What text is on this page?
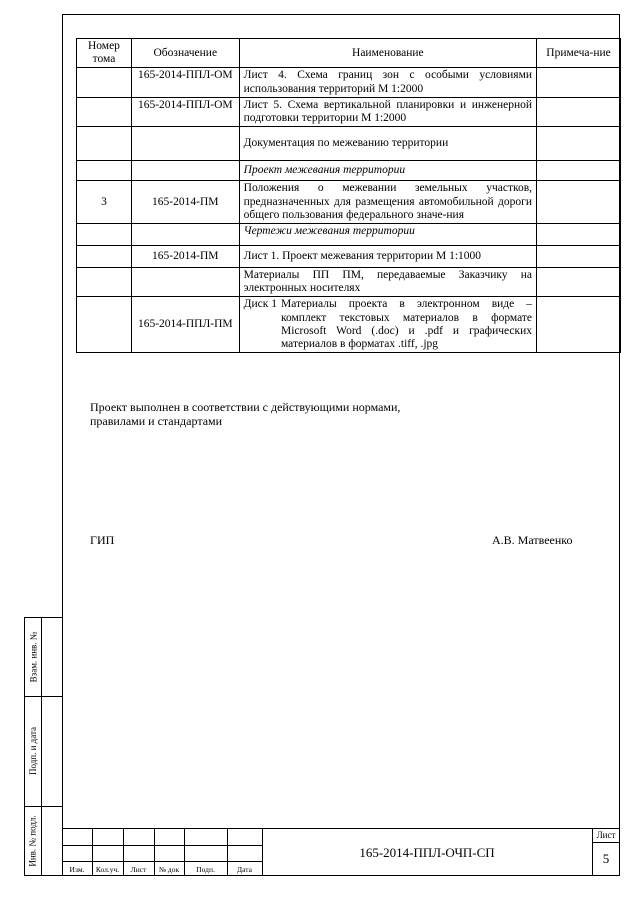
Взам. инв. №
Подп. и дата
Инв. № подл.
Номер тома	Обозначение	Наименование	Примеча-ние
	165-2014-ППЛ-ОМ	Лист 4. Схема границ зон с особыми условиями использования территорий М 1:2000	
	165-2014-ППЛ-ОМ	Лист 5. Схема вертикальной планировки и инженерной подготовки территории М 1:2000	
		Документация по межеванию территории	
		Проект межевания территории	
3	165-2014-ПМ	Положения о межевании земельных участков, предназначенных для размещения автомобильной дороги общего пользования федерального значе-ния	
		Чертежи межевания территории	
	165-2014-ПМ	Лист 1. Проект межевания территории М 1:1000	
		Материалы ПП ПМ, передаваемые Заказчику на электронных носителях	
	165-2014-ППЛ-ПМ	Диск 1 Материалы проекта в электронном виде – комплект текстовых материалов в формате Microsoft Word (.doc) и .pdf и графических материалов в форматах .tiff, .jpg	

Проект выполнен в соответствии с действующими нормами,
правилами и стандартами
ГИП	А.В. Матвеенко
Изм.	Кол.уч.	Лист	№ док	Подп.	Дата
165-2014-ППЛ-ОЧП-СП
Лист
5
